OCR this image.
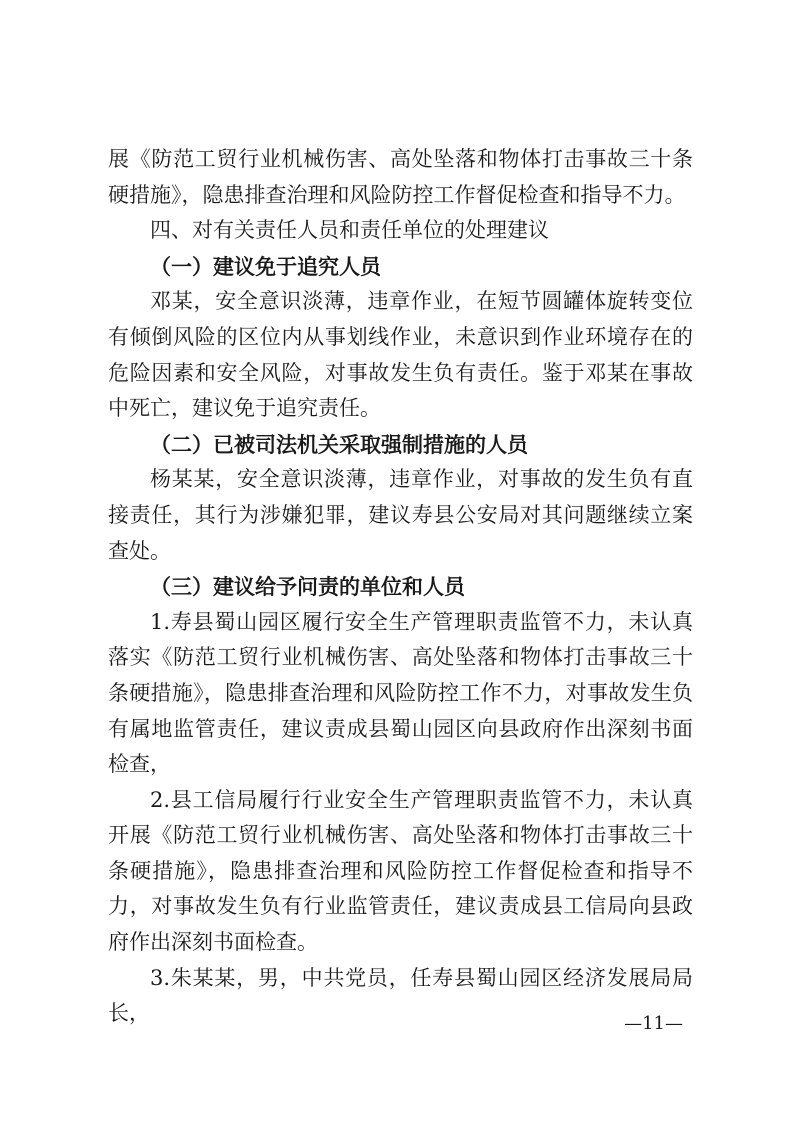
展《防范工贸行业机械伤害、高处坠落和物体打击事故三十条硬措施》，隐患排查治理和风险防控工作督促检查和指导不力。

四、对有关责任人员和责任单位的处理建议

（一）建议免于追究人员

邓某，安全意识淡薄，违章作业，在短节圆罐体旋转变位有倾倒风险的区位内从事划线作业，未意识到作业环境存在的危险因素和安全风险，对事故发生负有责任。鉴于邓某在事故中死亡，建议免于追究责任。

（二）已被司法机关采取强制措施的人员

杨某某，安全意识淡薄，违章作业，对事故的发生负有直接责任，其行为涉嫌犯罪，建议寿县公安局对其问题继续立案查处。

（三）建议给予问责的单位和人员

1.寿县蜀山园区履行安全生产管理职责监管不力，未认真落实《防范工贸行业机械伤害、高处坠落和物体打击事故三十条硬措施》，隐患排查治理和风险防控工作不力，对事故发生负有属地监管责任，建议责成县蜀山园区向县政府作出深刻书面检查，

2.县工信局履行行业安全生产管理职责监管不力，未认真开展《防范工贸行业机械伤害、高处坠落和物体打击事故三十条硬措施》，隐患排查治理和风险防控工作督促检查和指导不力，对事故发生负有行业监管责任，建议责成县工信局向县政府作出深刻书面检查。

3.朱某某，男，中共党员，任寿县蜀山园区经济发展局局长，	—11—
